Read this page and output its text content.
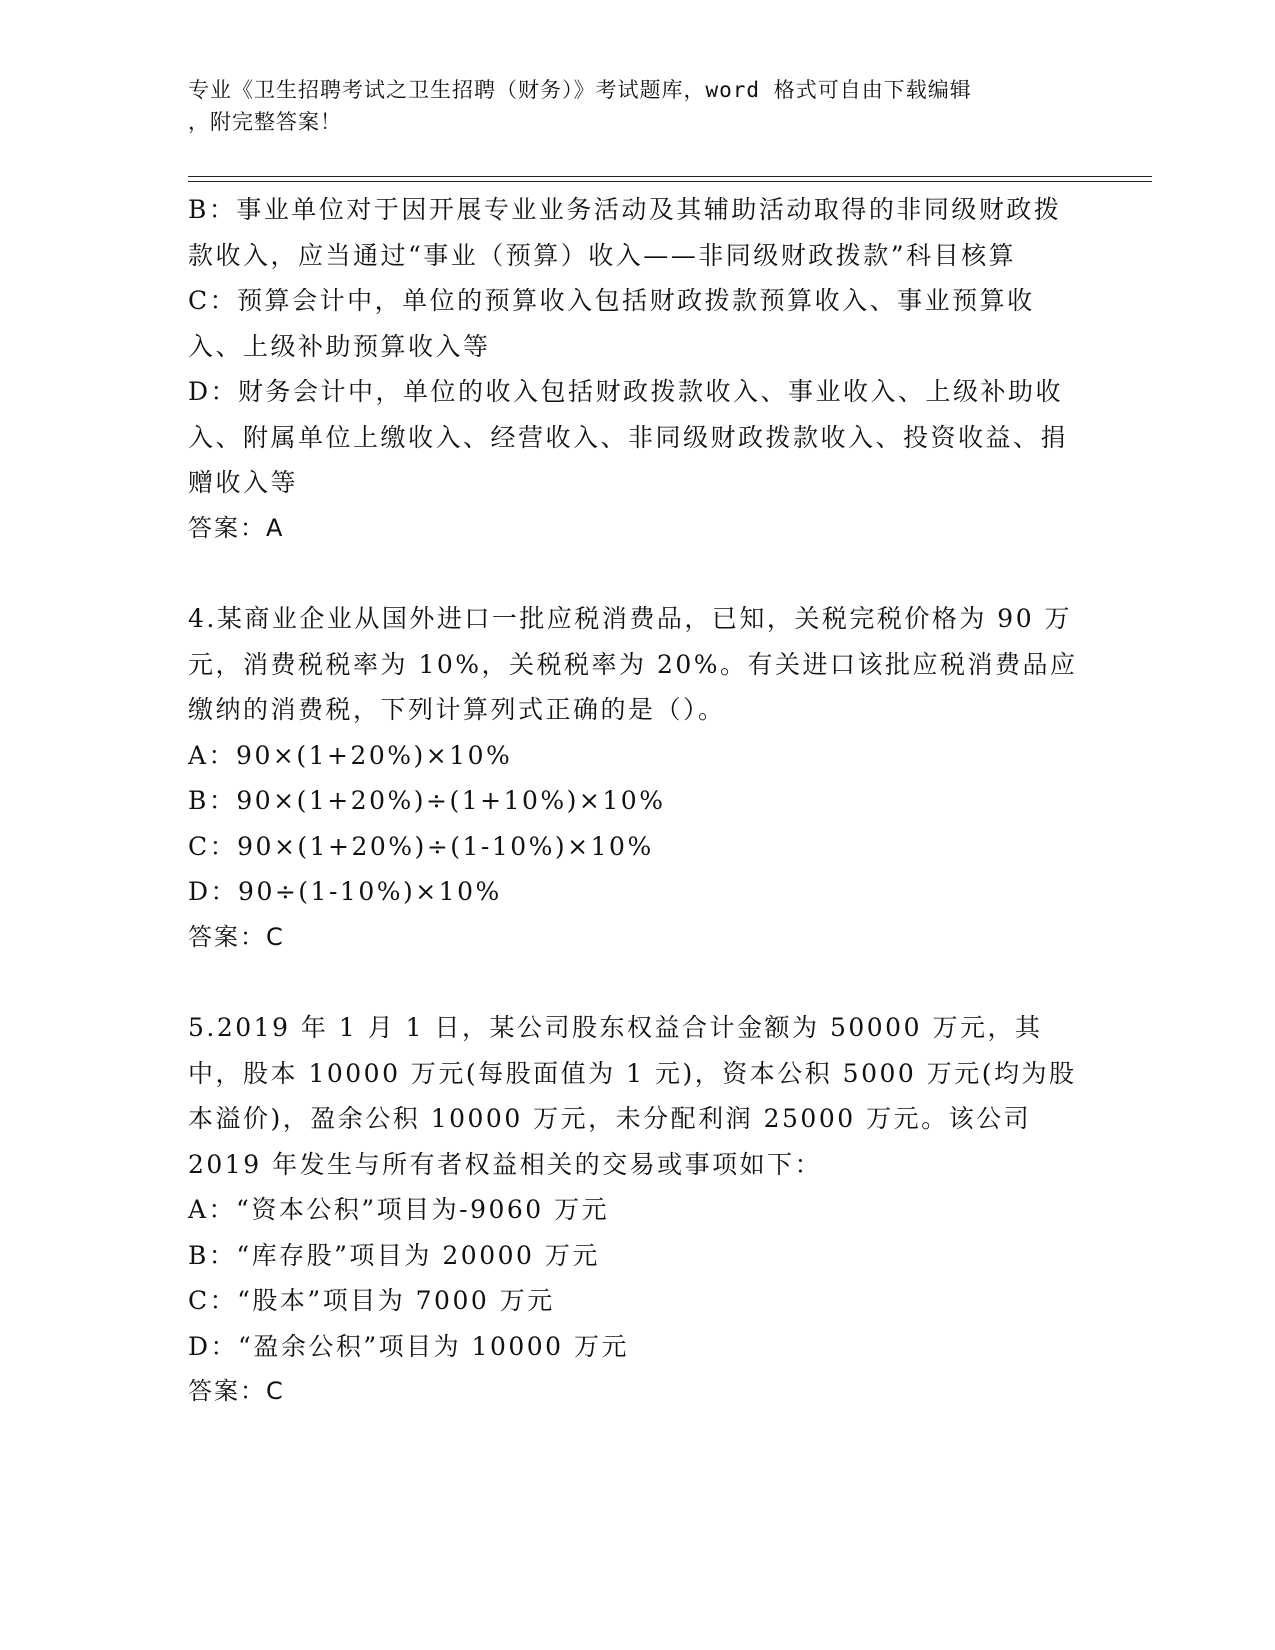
专业《卫生招聘考试之卫生招聘（财务）》考试题库，word 格式可自由下载编辑
，附完整答案！

B：事业单位对于因开展专业业务活动及其辅助活动取得的非同级财政拨款收入，应当通过“事业（预算）收入——非同级财政拨款”科目核算

C：预算会计中，单位的预算收入包括财政拨款预算收入、事业预算收入、上级补助预算收入等

D：财务会计中，单位的收入包括财政拨款收入、事业收入、上级补助收入、附属单位上缴收入、经营收入、非同级财政拨款收入、投资收益、捐赠收入等

答案：A

4.某商业企业从国外进口一批应税消费品，已知，关税完税价格为 90 万元，消费税税率为 10%，关税税率为 20%。有关进口该批应税消费品应缴纳的消费税，下列计算列式正确的是（）。

A：90×(1+20%)×10%

B：90×(1+20%)÷(1+10%)×10%

C：90×(1+20%)÷(1-10%)×10%

D：90÷(1-10%)×10%

答案：C

5.2019 年 1 月 1 日，某公司股东权益合计金额为 50000 万元，其中，股本 10000 万元(每股面值为 1 元)，资本公积 5000 万元(均为股本溢价)，盈余公积 10000 万元，未分配利润 25000 万元。该公司 2019 年发生与所有者权益相关的交易或事项如下：

A：“资本公积”项目为-9060 万元

B：“库存股”项目为 20000 万元

C：“股本”项目为 7000 万元

D：“盈余公积”项目为 10000 万元

答案：C
